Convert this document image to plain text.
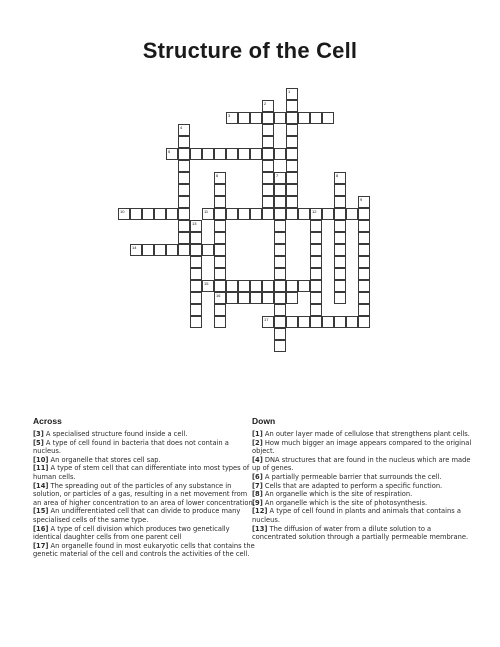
Structure of the Cell
1
2
3
4
5
6
16
7	8
9
10	11	12
13
14
15
17

Across

[3] A specialised structure found inside a cell.

[5] A type of cell found in bacteria that does not contain a nucleus.

[10] An organelle that stores cell sap.

[11] A type of stem cell that can differentiate into most types of human cells.

[14] The spreading out of the particles of any substance in solution, or particles of a gas, resulting in a net movement from an area of higher concentration to an area of lower concentration.

[15] An undifferentiated cell that can divide to produce many specialised cells of the same type.

[16] A type of cell division which produces two genetically identical daughter cells from one parent cell

[17] An organelle found in most eukaryotic cells that contains the genetic material of the cell and controls the activities of the cell.

Down

[1] An outer layer made of cellulose that strengthens plant cells.

[2] How much bigger an image appears compared to the original object.

[4] DNA structures that are found in the nucleus which are made up of genes.

[6] A partially permeable barrier that surrounds the cell.

[7] Cells that are adapted to perform a specific function.

[8] An organelle which is the site of respiration.

[9] An organelle which is the site of photosynthesis.

[12] A type of cell found in plants and animals that contains a nucleus.

[13] The diffusion of water from a dilute solution to a concentrated solution through a partially permeable membrane.
